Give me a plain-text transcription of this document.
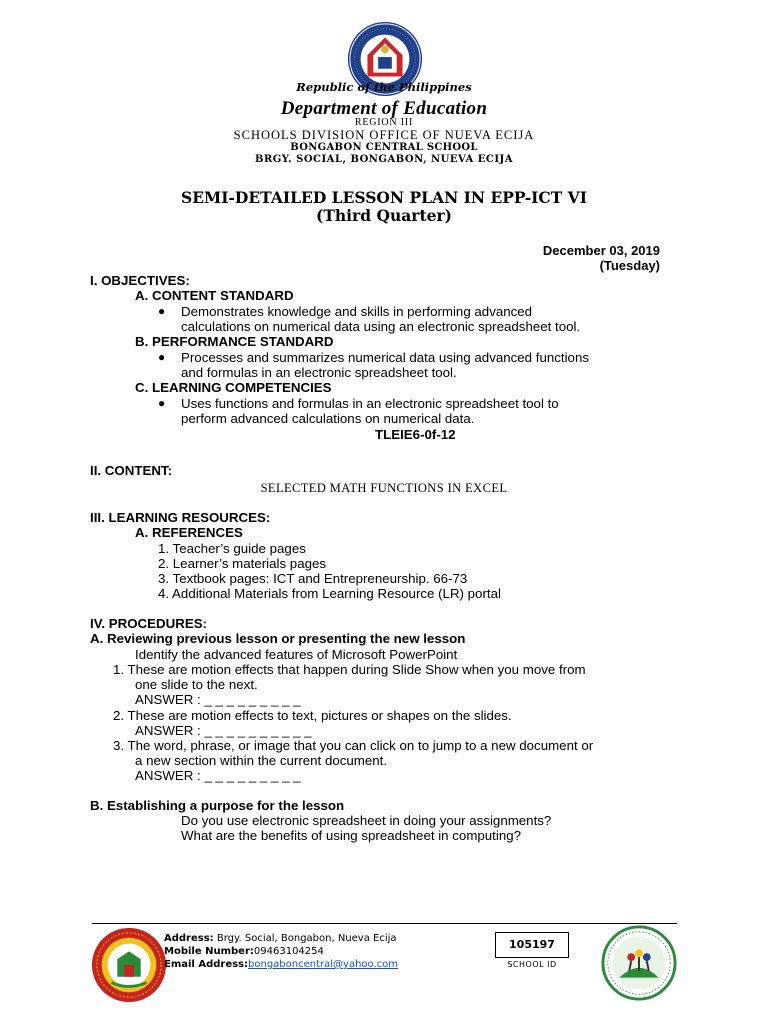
Republic of the Philippines
Department of Education
REGION III
SCHOOLS DIVISION OFFICE OF NUEVA ECIJA
BONGABON CENTRAL SCHOOL
BRGY. SOCIAL, BONGABON, NUEVA ECIJA
SEMI-DETAILED LESSON PLAN IN EPP-ICT VI
(Third Quarter)
December 03, 2019
(Tuesday)
I. OBJECTIVES:
A. CONTENT STANDARD
● Demonstrates knowledge and skills in performing advanced
calculations on numerical data using an electronic spreadsheet tool.
B. PERFORMANCE STANDARD
● Processes and summarizes numerical data using advanced functions
and formulas in an electronic spreadsheet tool.
C. LEARNING COMPETENCIES
● Uses functions and formulas in an electronic spreadsheet tool to
perform advanced calculations on numerical data.
TLEIE6-0f-12
II. CONTENT:
SELECTED MATH FUNCTIONS IN EXCEL
III. LEARNING RESOURCES:
A. REFERENCES
1. Teacher’s guide pages
2. Learner’s materials pages
3. Textbook pages: ICT and Entrepreneurship. 66-73
4. Additional Materials from Learning Resource (LR) portal
IV. PROCEDURES:
A. Reviewing previous lesson or presenting the new lesson
Identify the advanced features of Microsoft PowerPoint
1. These are motion effects that happen during Slide Show when you move from
one slide to the next.
ANSWER : _ _ _ _ _ _ _ _ _
2. These are motion effects to text, pictures or shapes on the slides.
ANSWER : _ _ _ _ _ _ _ _ _ _
3. The word, phrase, or image that you can click on to jump to a new document or
a new section within the current document.
ANSWER : _ _ _ _ _ _ _ _ _
B. Establishing a purpose for the lesson
Do you use electronic spreadsheet in doing your assignments?
What are the benefits of using spreadsheet in computing?
Address: Brgy. Social, Bongabon, Nueva Ecija
Mobile Number:09463104254
Email Address:bongaboncentral@yahoo.com
105197
SCHOOL ID
